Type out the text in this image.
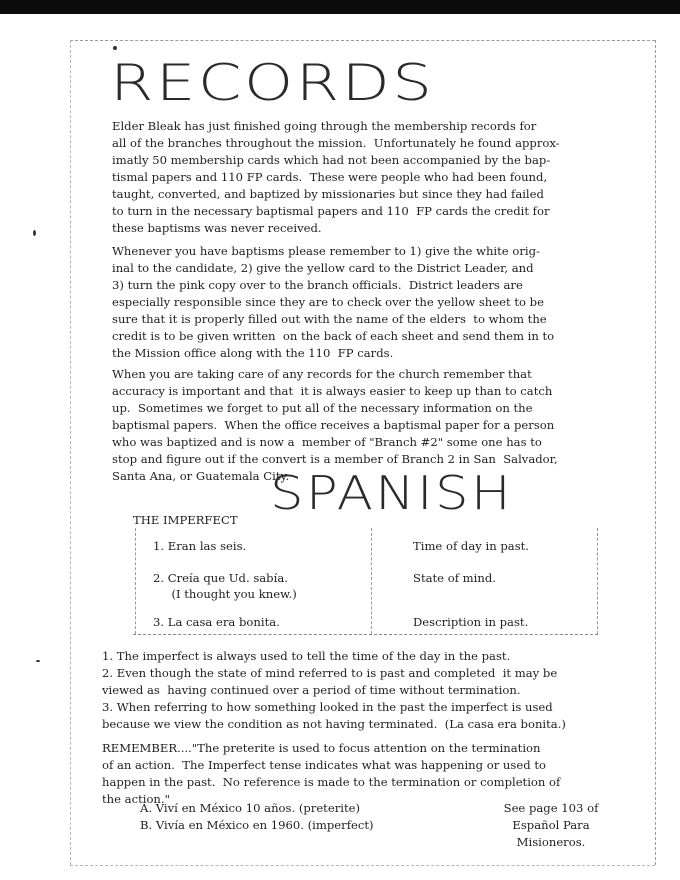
RECORDS

Elder Bleak has just finished going through the membership records for
all of the branches throughout the mission.  Unfortunately he found approx-
imatly 50 membership cards which had not been accompanied by the bap-
tismal papers and 110 FP cards.  These were people who had been found,
taught, converted, and baptized by missionaries but since they had failed
to turn in the necessary baptismal papers and 110  FP cards the credit for
these baptisms was never received.

Whenever you have baptisms please remember to 1) give the white orig-
inal to the candidate, 2) give the yellow card to the District Leader, and
3) turn the pink copy over to the branch officials.  District leaders are
especially responsible since they are to check over the yellow sheet to be
sure that it is properly filled out with the name of the elders  to whom the
credit is to be given written  on the back of each sheet and send them in to
the Mission office along with the 110  FP cards.

When you are taking care of any records for the church remember that
accuracy is important and that  it is always easier to keep up than to catch
up.  Sometimes we forget to put all of the necessary information on the
baptismal papers.  When the office receives a baptismal paper for a person
who was baptized and is now a  member of "Branch #2" some one has to
stop and figure out if the convert is a member of Branch 2 in San  Salvador,
Santa Ana, or Guatemala City.

SPANISH
THE IMPERFECT
1. Eran las seis.	Time of day in past.
2. Creía que Ud. sabía.
(I thought you knew.)
State of mind.
3. La casa era bonita.	Description in past.

1. The imperfect is always used to tell the time of the day in the past.
2. Even though the state of mind referred to is past and completed  it may be
viewed as  having continued over a period of time without termination.
3. When referring to how something looked in the past the imperfect is used
because we view the condition as not having terminated.  (La casa era bonita.)

REMEMBER...."The preterite is used to focus attention on the termination
of an action.  The Imperfect tense indicates what was happening or used to
happen in the past.  No reference is made to the termination or completion of
the action."

A. Viví en México 10 años. (preterite)
B. Vivía en México en 1960. (imperfect)
See page 103 of
Español Para
Misioneros.
